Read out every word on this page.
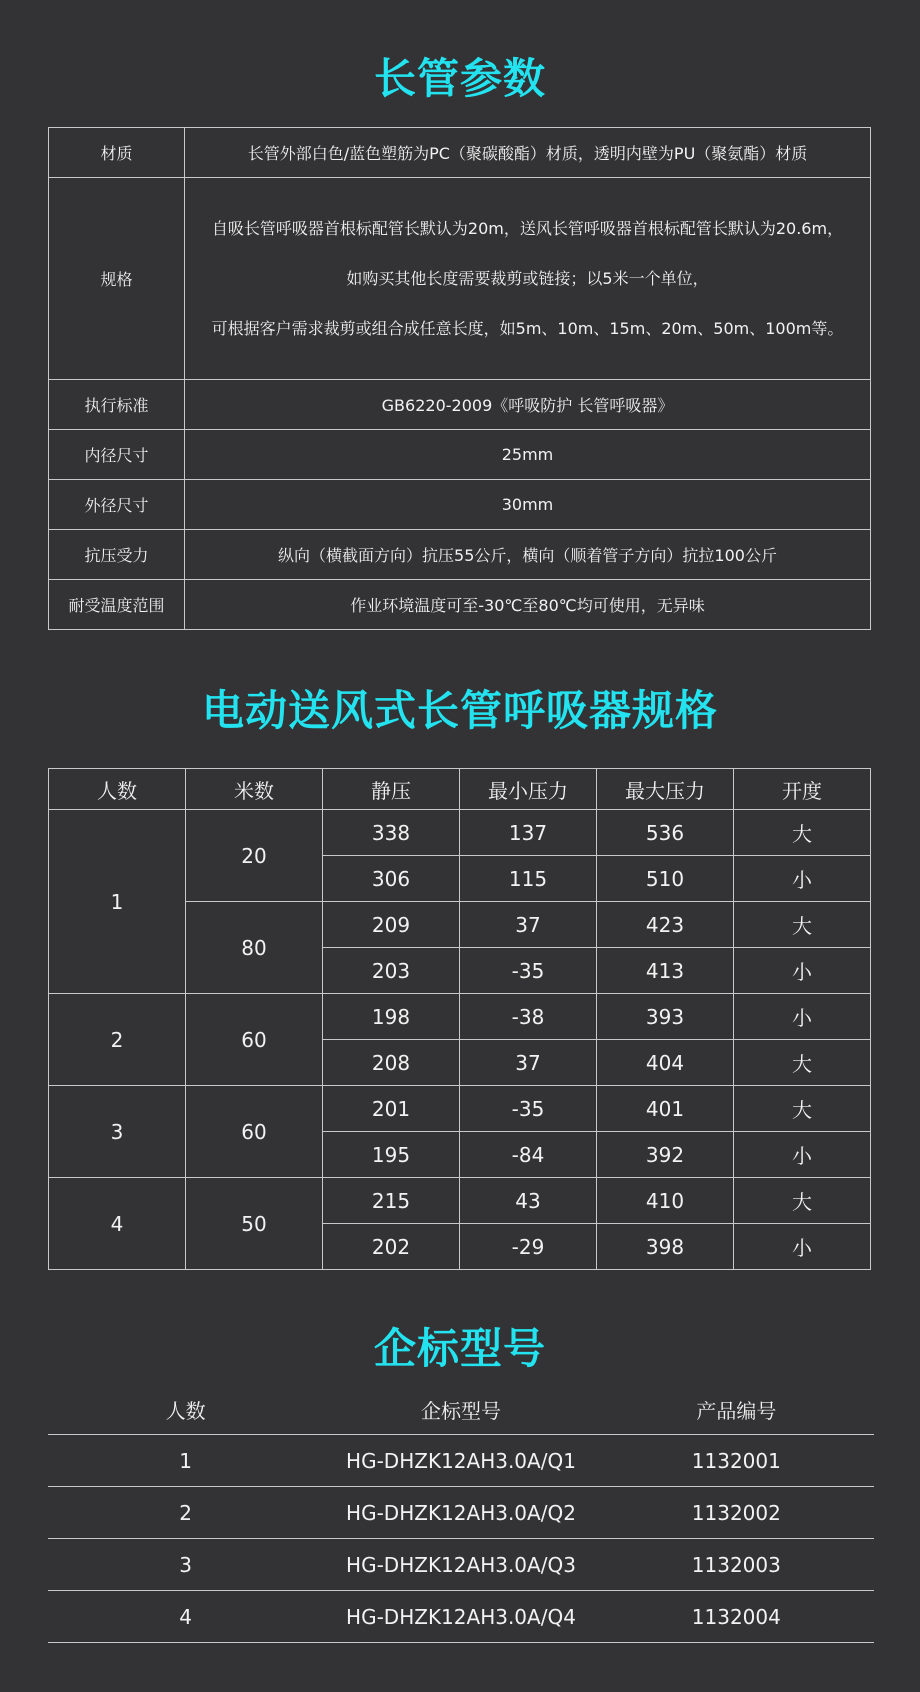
长管参数
材质	长管外部白色/蓝色塑筋为PC（聚碳酸酯）材质，透明内壁为PU（聚氨酯）材质
规格	自吸长管呼吸器首根标配管长默认为20m，送风长管呼吸器首根标配管长默认为20.6m，
如购买其他长度需要裁剪或链接；以5米一个单位，
可根据客户需求裁剪或组合成任意长度，如5m、10m、15m、20m、50m、100m等。

执行标准	GB6220-2009《呼吸防护 长管呼吸器》
内径尺寸	25mm
外径尺寸	30mm
抗压受力	纵向（横截面方向）抗压55公斤，横向（顺着管子方向）抗拉100公斤
耐受温度范围	作业环境温度可至-30℃至80℃均可使用，无异味
电动送风式长管呼吸器规格
人数	米数	静压	最小压力	最大压力	开度
1	20	338	137	536	大
		306	115	510	小
	80	209	37	423	大
		203	-35	413	小
2	60	198	-38	393	小
		208	37	404	大
3	60	201	-35	401	大
		195	-84	392	小
4	50	215	43	410	大
		202	-29	398	小
企标型号
人数	企标型号	产品编号
1	HG-DHZK12AH3.0A/Q1	1132001
2	HG-DHZK12AH3.0A/Q2	1132002
3	HG-DHZK12AH3.0A/Q3	1132003
4	HG-DHZK12AH3.0A/Q4	1132004
